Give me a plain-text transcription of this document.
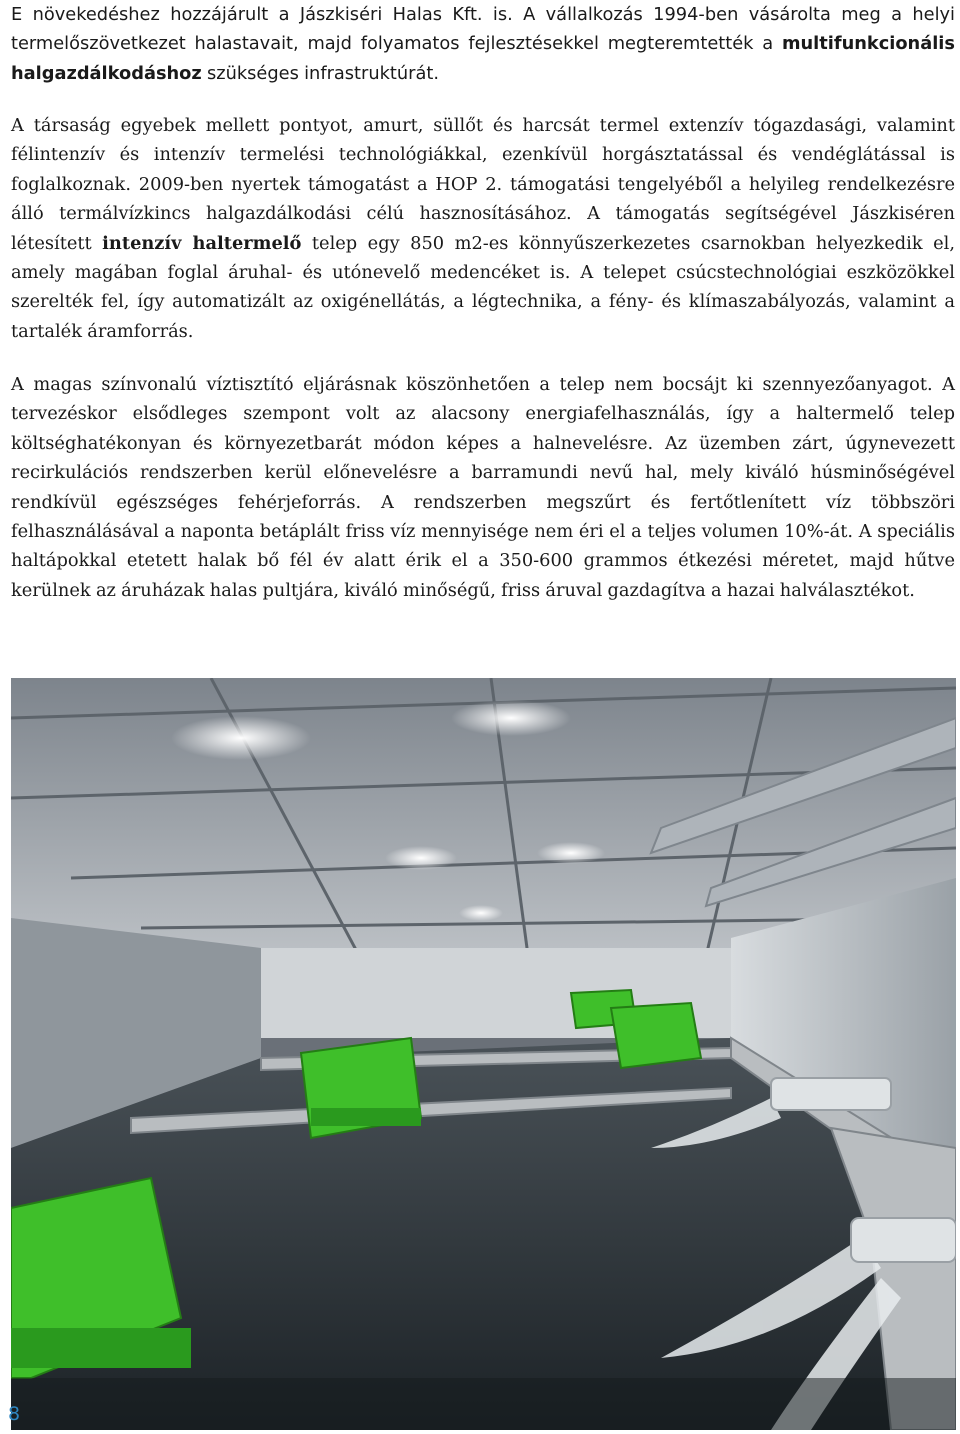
E növekedéshez hozzájárult a Jászkiséri Halas Kft. is. A vállalkozás 1994-ben vásárolta meg a helyi termelőszövetkezet halastavait, majd folyamatos fejlesztésekkel megteremtették a multifunkcionális halgazdálkodáshoz szükséges infrastruktúrát.

A társaság egyebek mellett pontyot, amurt, süllőt és harcsát termel extenzív tógazdasági, valamint félintenzív és intenzív termelési technológiákkal, ezenkívül horgásztatással és vendéglátással is foglalkoznak. 2009-ben nyertek támogatást a HOP 2. támogatási tengelyéből a helyileg rendelkezésre álló termálvízkincs halgazdálkodási célú hasznosításához. A támogatás segítségével Jászkiséren létesített intenzív haltermelő telep egy 850 m2-es könnyűszerkezetes csarnokban helyezkedik el, amely magában foglal áruhal- és utónevelő medencéket is. A telepet csúcstechnológiai eszközökkel szerelték fel, így automatizált az oxigénellátás, a légtechnika, a fény- és klímaszabályozás, valamint a tartalék áramforrás.

A magas színvonalú víztisztító eljárásnak köszönhetően a telep nem bocsájt ki szennyezőanyagot. A tervezéskor elsődleges szempont volt az alacsony energiafelhasználás, így a haltermelő telep költséghatékonyan és környezetbarát módon képes a halnevelésre. Az üzemben zárt, úgynevezett recirkulációs rendszerben kerül előnevelésre a barramundi nevű hal, mely kiváló húsminőségével rendkívül egészséges fehérjeforrás. A rendszerben megszűrt és fertőtlenített víz többszöri felhasználásával a naponta betáplált friss víz mennyisége nem éri el a teljes volumen 10%-át. A speciális haltápokkal etetett halak bő fél év alatt érik el a 350-600 grammos étkezési méretet, majd hűtve kerülnek az áruházak halas pultjára, kiváló minőségű, friss áruval gazdagítva a hazai halválasztékot.

8
